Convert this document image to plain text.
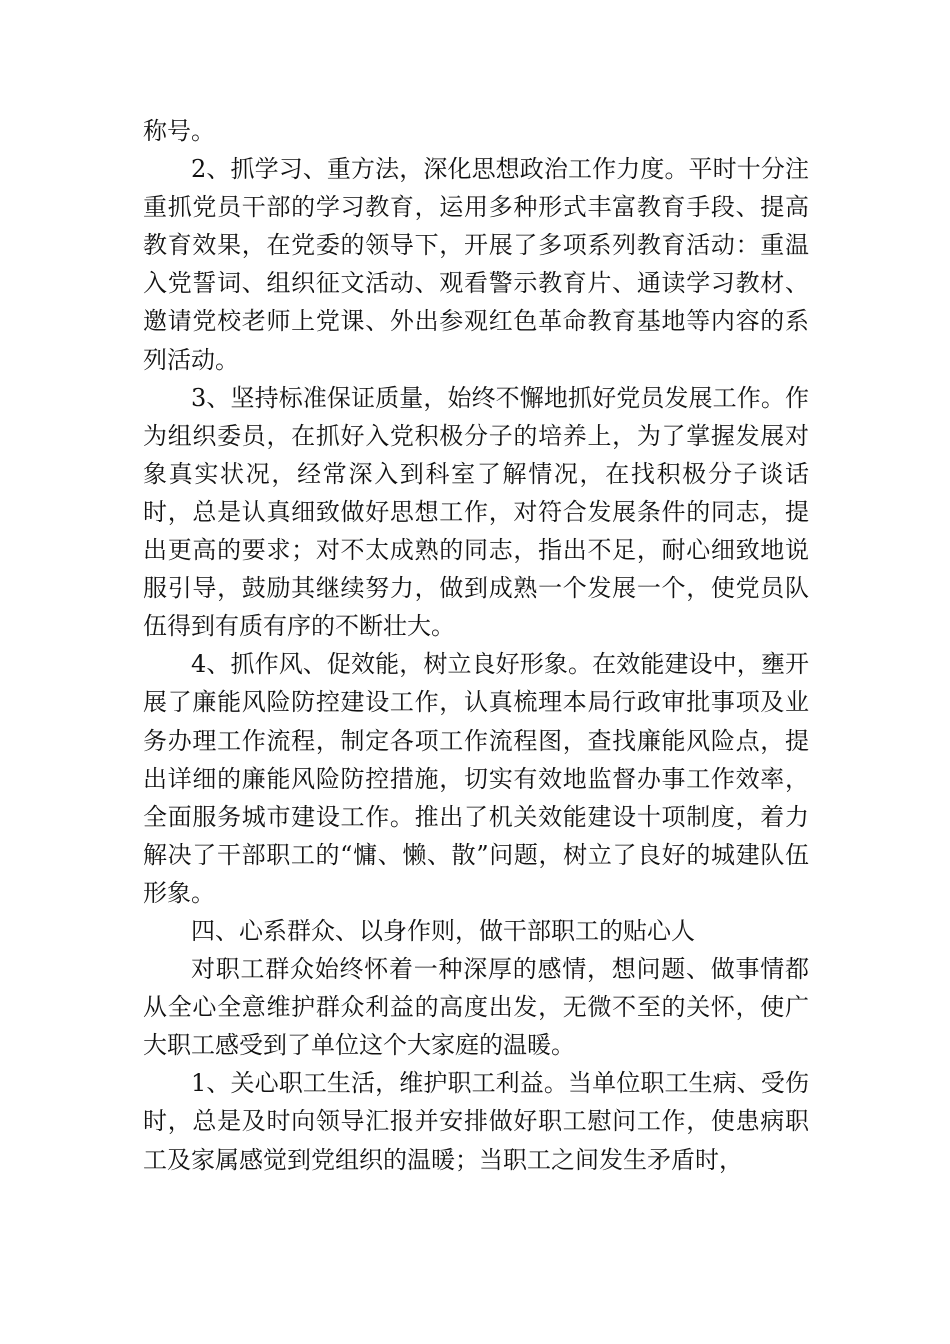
称号。

2、抓学习、重方法，深化思想政治工作力度。平时十分注重抓党员干部的学习教育，运用多种形式丰富教育手段、提高教育效果，在党委的领导下，开展了多项系列教育活动：重温入党誓词、组织征文活动、观看警示教育片、通读学习教材、邀请党校老师上党课、外出参观红色革命教育基地等内容的系列活动。

3、坚持标准保证质量，始终不懈地抓好党员发展工作。作为组织委员，在抓好入党积极分子的培养上，为了掌握发展对象真实状况，经常深入到科室了解情况，在找积极分子谈话时，总是认真细致做好思想工作，对符合发展条件的同志，提出更高的要求；对不太成熟的同志，指出不足，耐心细致地说服引导，鼓励其继续努力，做到成熟一个发展一个，使党员队伍得到有质有序的不断壮大。

4、抓作风、促效能，树立良好形象。在效能建设中，壅开展了廉能风险防控建设工作，认真梳理本局行政审批事项及业务办理工作流程，制定各项工作流程图，查找廉能风险点，提出详细的廉能风险防控措施，切实有效地监督办事工作效率，全面服务城市建设工作。推出了机关效能建设十项制度，着力解决了干部职工的“慵、懒、散”问题，树立了良好的城建队伍形象。

四、心系群众、以身作则，做干部职工的贴心人

对职工群众始终怀着一种深厚的感情，想问题、做事情都从全心全意维护群众利益的高度出发，无微不至的关怀，使广大职工感受到了单位这个大家庭的温暖。

1、关心职工生活，维护职工利益。当单位职工生病、受伤时，总是及时向领导汇报并安排做好职工慰问工作，使患病职工及家属感觉到党组织的温暖；当职工之间发生矛盾时，
